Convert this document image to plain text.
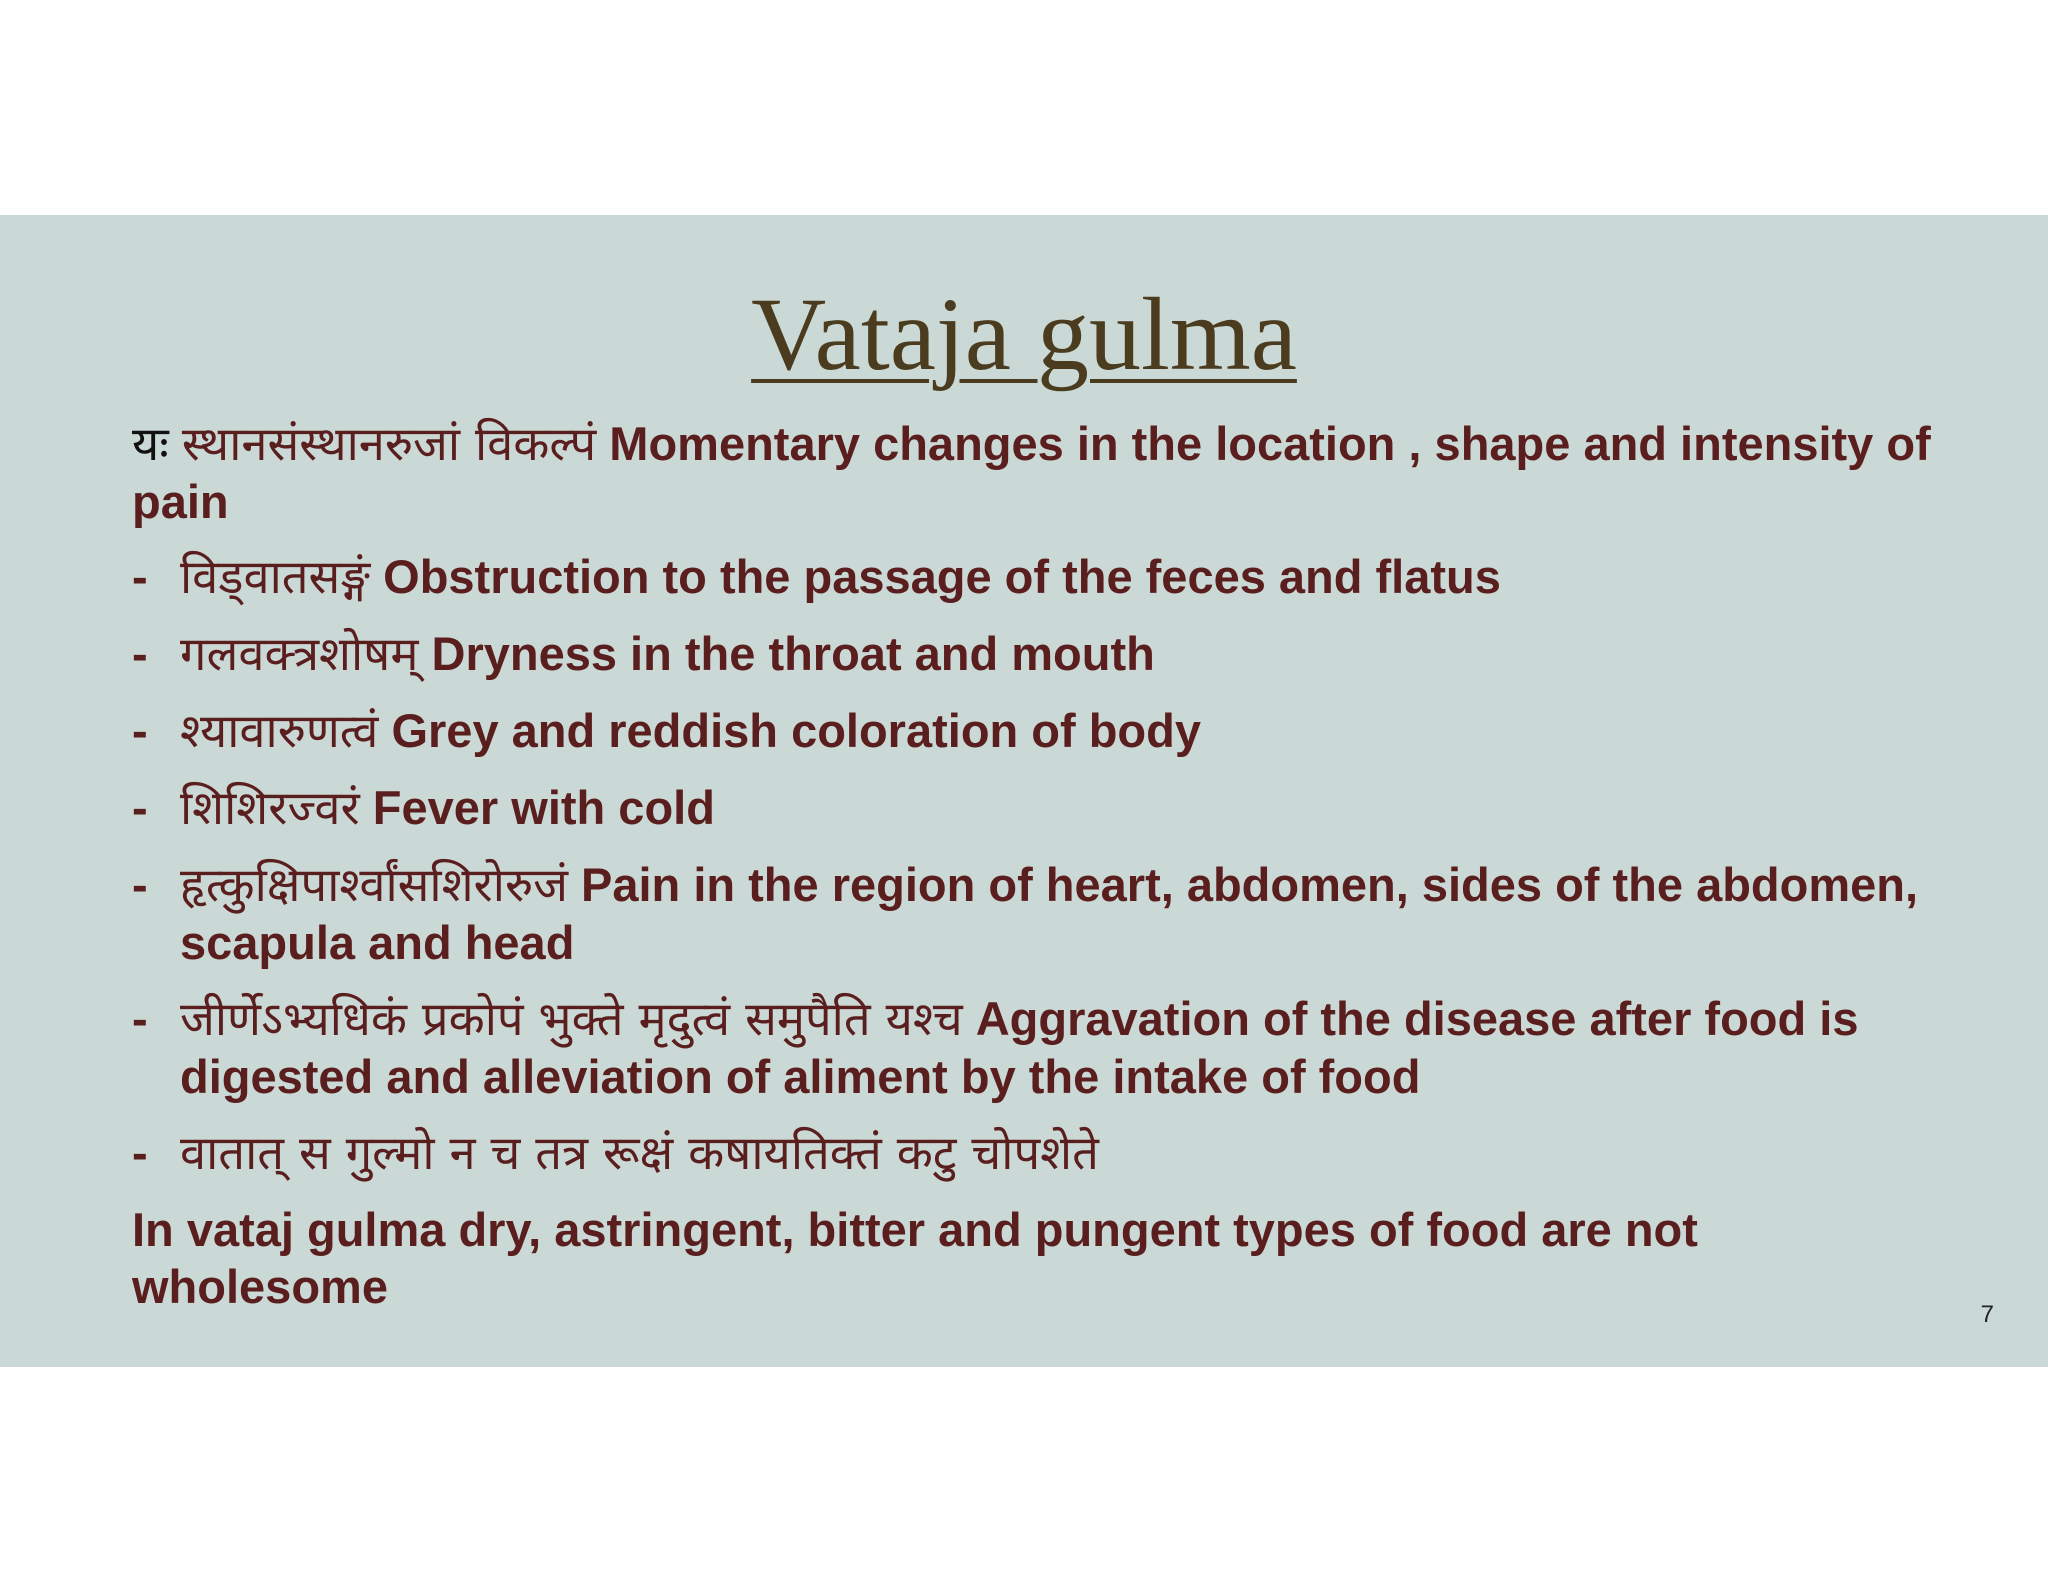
Vataja gulma

यः स्थानसंस्थानरुजां विकल्पं Momentary changes in the location , shape and intensity of pain

- विड्वातसङ्गं Obstruction to the passage of the feces and flatus
- गलवक्त्रशोषम् Dryness in the throat and mouth
- श्यावारुणत्वं Grey and reddish coloration of body
- शिशिरज्वरं Fever with cold
- हृत्कुक्षिपार्श्वांसशिरोरुजं Pain in the region of heart, abdomen, sides of the abdomen, scapula and head
- जीर्णेऽभ्यधिकं प्रकोपं भुक्ते मृदुत्वं समुपैति यश्च Aggravation of the disease after food is digested and alleviation of aliment by the intake of food
- वातात् स गुल्मो न च तत्र रूक्षं कषायतिक्तं कटु चोपशेते

In vataj gulma dry, astringent, bitter and pungent types of food are not wholesome

7
